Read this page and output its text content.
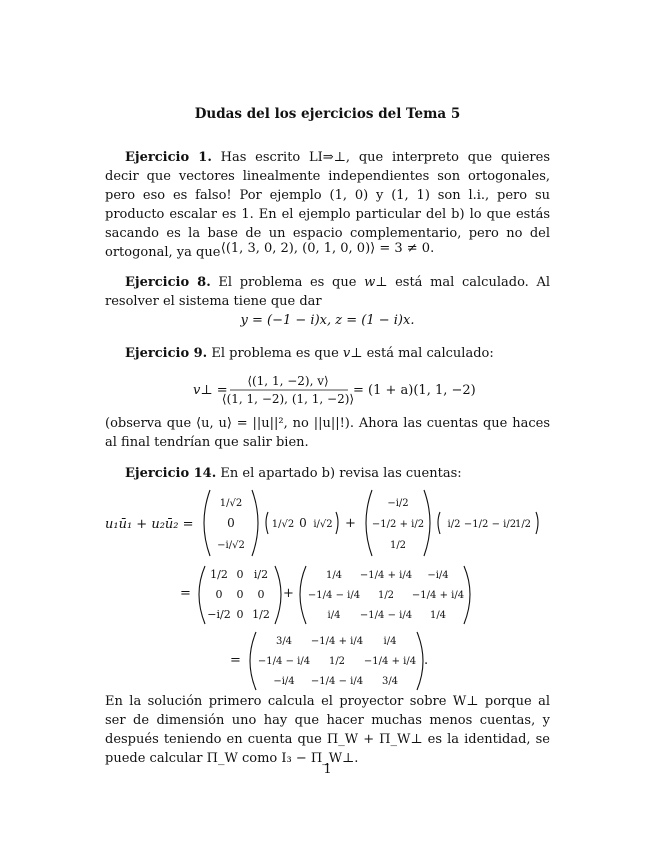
Dudas del los ejercicios del Tema 5
Ejercicio 1. Has escrito LI⇒⊥, que interpreto que quieres decir que vectores linealmente independientes son ortogonales, pero eso es falso! Por ejemplo (1, 0) y (1, 1) son l.i., pero su producto escalar es 1. En el ejemplo particular del b) lo que estás sacando es la base de un espacio complementario, pero no del ortogonal, ya que ⟨(1, 3, 0, 2), (0, 1, 0, 0)⟩ = 3 ≠ 0.
Ejercicio 8. El problema es que w⊥ está mal calculado. Al resolver el sistema tiene que dar
y = (−1 − i)x, z = (1 − i)x.
Ejercicio 9. El problema es que v⊥ está mal calculado:
v⊥ =
⟨(1, 1, −2), v⟩
⟨(1, 1, −2), (1, 1, −2)⟩
= (1 + a)(1, 1, −2)
u₁ū₁ + u₂ū₂ =
1/√2
0
−i/√2
1/√2 0 i/√2 +
−i/2
−1/2 + i/2
1/2
i/2 −1/2 − i/2
1/2
=
1/2 0 i/2
0 0 0
−i/2 0 1/2
+
1/4 −1/4 + i/4 −i/4
−1/4 − i/4 1/2 −1/4 + i/4
i/4 −1/4 − i/4 1/4
=
3/4 −1/4 + i/4 i/4
−1/4 − i/4 1/2 −1/4 + i/4
−i/4 −1/4 − i/4 3/4
.
(observa que ⟨u, u⟩ = ||u||², no ||u||!). Ahora las cuentas que haces al final tendrían que salir bien.
Ejercicio 14. En el apartado b) revisa las cuentas:
En la solución primero calcula el proyector sobre W⊥ porque al ser de dimensión uno hay que hacer muchas menos cuentas, y después teniendo en cuenta que Π_W + Π_W⊥ es la identidad, se puede calcular Π_W como I₃ − Π_W⊥.
1
